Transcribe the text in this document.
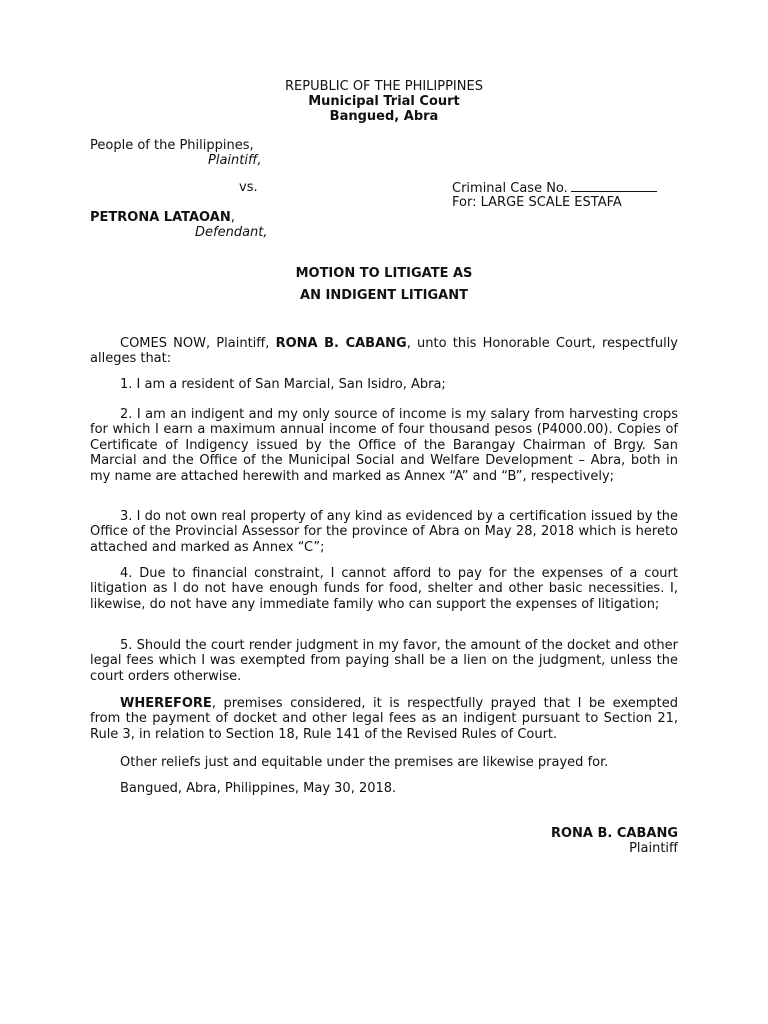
REPUBLIC OF THE PHILIPPINES
Municipal Trial Court
Bangued, Abra
People of the Philippines,
Plaintiff,
vs.	Criminal Case No.
For: LARGE SCALE ESTAFA
PETRONA LATAOAN,
Defendant,
MOTION TO LITIGATE AS
AN INDIGENT LITIGANT

COMES NOW, Plaintiff, RONA B. CABANG, unto this Honorable Court, respectfully alleges that:

1. I am a resident of San Marcial, San Isidro, Abra;

2. I am an indigent and my only source of income is my salary from harvesting crops for which I earn a maximum annual income of four thousand pesos (P4000.00). Copies of Certificate of Indigency issued by the Office of the Barangay Chairman of Brgy. San Marcial and the Office of the Municipal Social and Welfare Development – Abra, both in my name are attached herewith and marked as Annex “A” and “B”, respectively;

3. I do not own real property of any kind as evidenced by a certification issued by the Office of the Provincial Assessor for the province of Abra on May 28, 2018 which is hereto attached and marked as Annex “C”;

4. Due to financial constraint, I cannot afford to pay for the expenses of a court litigation as I do not have enough funds for food, shelter and other basic necessities. I, likewise, do not have any immediate family who can support the expenses of litigation;

5. Should the court render judgment in my favor, the amount of the docket and other legal fees which I was exempted from paying shall be a lien on the judgment, unless the court orders otherwise.

WHEREFORE, premises considered, it is respectfully prayed that I be exempted from the payment of docket and other legal fees as an indigent pursuant to Section 21, Rule 3, in relation to Section 18, Rule 141 of the Revised Rules of Court.

Other reliefs just and equitable under the premises are likewise prayed for.
Bangued, Abra, Philippines, May 30, 2018.
RONA B. CABANG
Plaintiff
